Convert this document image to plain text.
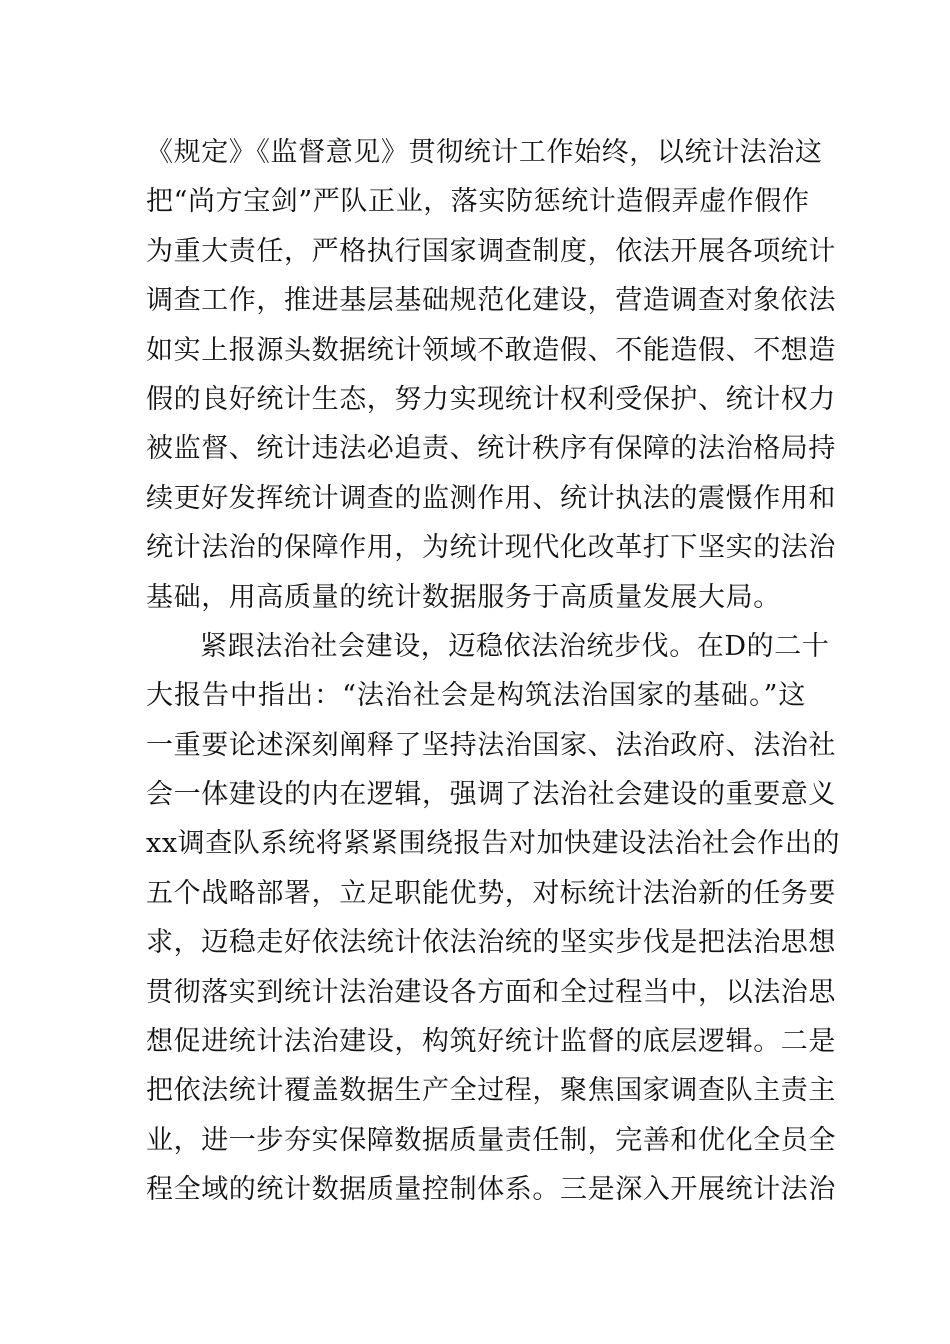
《规定》《监督意见》贯彻统计工作始终，以统计法治这
把“尚方宝剑”严队正业，落实防惩统计造假弄虚作假作
为重大责任，严格执行国家调查制度，依法开展各项统计
调查工作，推进基层基础规范化建设，营造调查对象依法
如实上报源头数据统计领域不敢造假、不能造假、不想造
假的良好统计生态，努力实现统计权利受保护、统计权力
被监督、统计违法必追责、统计秩序有保障的法治格局持
续更好发挥统计调查的监测作用、统计执法的震慑作用和
统计法治的保障作用，为统计现代化改革打下坚实的法治
基础，用高质量的统计数据服务于高质量发展大局。
紧跟法治社会建设，迈稳依法治统步伐。在D的二十
大报告中指出：“法治社会是构筑法治国家的基础。”这
一重要论述深刻阐释了坚持法治国家、法治政府、法治社
会一体建设的内在逻辑，强调了法治社会建设的重要意义
xx调查队系统将紧紧围绕报告对加快建设法治社会作出的
五个战略部署，立足职能优势，对标统计法治新的任务要
求，迈稳走好依法统计依法治统的坚实步伐是把法治思想
贯彻落实到统计法治建设各方面和全过程当中，以法治思
想促进统计法治建设，构筑好统计监督的底层逻辑。二是
把依法统计覆盖数据生产全过程，聚焦国家调查队主责主
业，进一步夯实保障数据质量责任制，完善和优化全员全
程全域的统计数据质量控制体系。三是深入开展统计法治
